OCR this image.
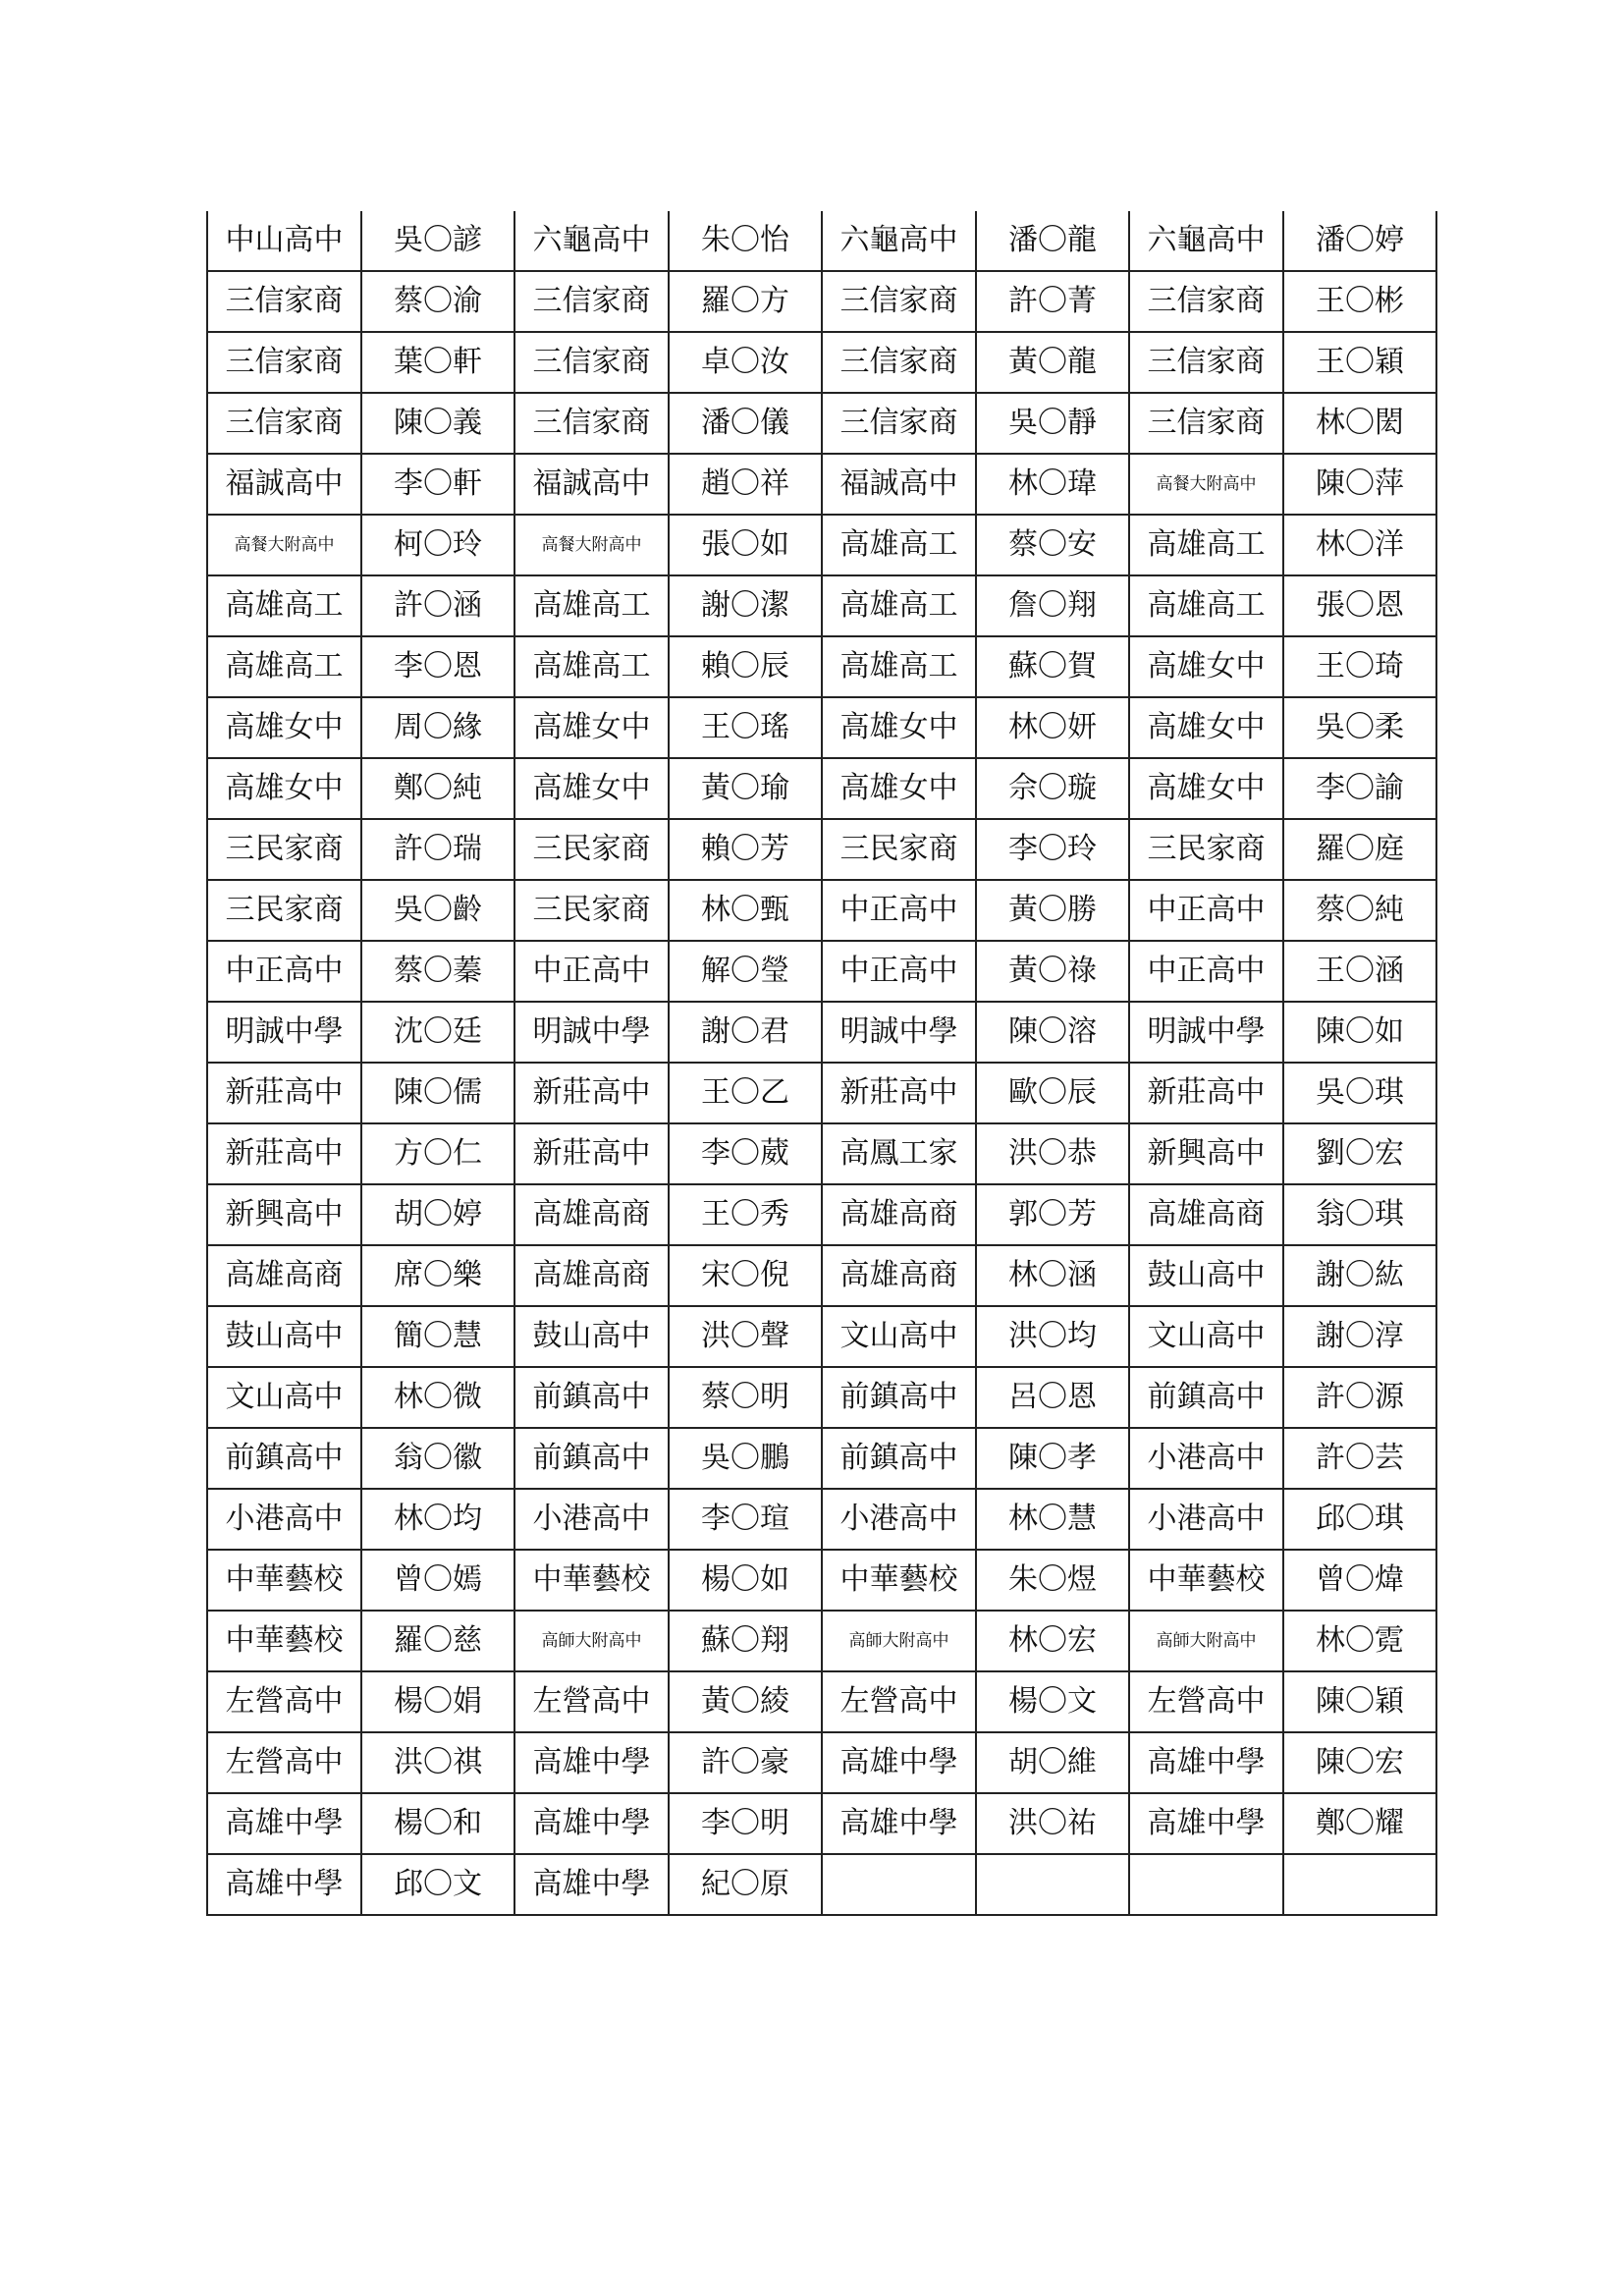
中山高中	吳〇諺	六龜高中	朱〇怡	六龜高中	潘〇龍	六龜高中	潘〇婷
三信家商	蔡〇渝	三信家商	羅〇方	三信家商	許〇菁	三信家商	王〇彬
三信家商	葉〇軒	三信家商	卓〇汝	三信家商	黃〇龍	三信家商	王〇穎
三信家商	陳〇義	三信家商	潘〇儀	三信家商	吳〇靜	三信家商	林〇閎
福誠高中	李〇軒	福誠高中	趙〇祥	福誠高中	林〇瑋	高餐大附高中	陳〇萍
高餐大附高中	柯〇玲	高餐大附高中	張〇如	高雄高工	蔡〇安	高雄高工	林〇洋
高雄高工	許〇涵	高雄高工	謝〇潔	高雄高工	詹〇翔	高雄高工	張〇恩
高雄高工	李〇恩	高雄高工	賴〇辰	高雄高工	蘇〇賀	高雄女中	王〇琦
高雄女中	周〇緣	高雄女中	王〇瑤	高雄女中	林〇妍	高雄女中	吳〇柔
高雄女中	鄭〇純	高雄女中	黃〇瑜	高雄女中	佘〇璇	高雄女中	李〇諭
三民家商	許〇瑞	三民家商	賴〇芳	三民家商	李〇玲	三民家商	羅〇庭
三民家商	吳〇齡	三民家商	林〇甄	中正高中	黃〇勝	中正高中	蔡〇純
中正高中	蔡〇蓁	中正高中	解〇瑩	中正高中	黃〇祿	中正高中	王〇涵
明誠中學	沈〇廷	明誠中學	謝〇君	明誠中學	陳〇溶	明誠中學	陳〇如
新莊高中	陳〇儒	新莊高中	王〇乙	新莊高中	歐〇辰	新莊高中	吳〇琪
新莊高中	方〇仁	新莊高中	李〇葳	高鳳工家	洪〇恭	新興高中	劉〇宏
新興高中	胡〇婷	高雄高商	王〇秀	高雄高商	郭〇芳	高雄高商	翁〇琪
高雄高商	席〇樂	高雄高商	宋〇倪	高雄高商	林〇涵	鼓山高中	謝〇紘
鼓山高中	簡〇慧	鼓山高中	洪〇聲	文山高中	洪〇均	文山高中	謝〇淳
文山高中	林〇微	前鎮高中	蔡〇明	前鎮高中	呂〇恩	前鎮高中	許〇源
前鎮高中	翁〇徽	前鎮高中	吳〇鵬	前鎮高中	陳〇孝	小港高中	許〇芸
小港高中	林〇均	小港高中	李〇瑄	小港高中	林〇慧	小港高中	邱〇琪
中華藝校	曾〇嫣	中華藝校	楊〇如	中華藝校	朱〇煜	中華藝校	曾〇煒
中華藝校	羅〇慈	高師大附高中	蘇〇翔	高師大附高中	林〇宏	高師大附高中	林〇霓
左營高中	楊〇娟	左營高中	黃〇綾	左營高中	楊〇文	左營高中	陳〇穎
左營高中	洪〇祺	高雄中學	許〇豪	高雄中學	胡〇維	高雄中學	陳〇宏
高雄中學	楊〇和	高雄中學	李〇明	高雄中學	洪〇祐	高雄中學	鄭〇耀
高雄中學	邱〇文	高雄中學	紀〇原				
